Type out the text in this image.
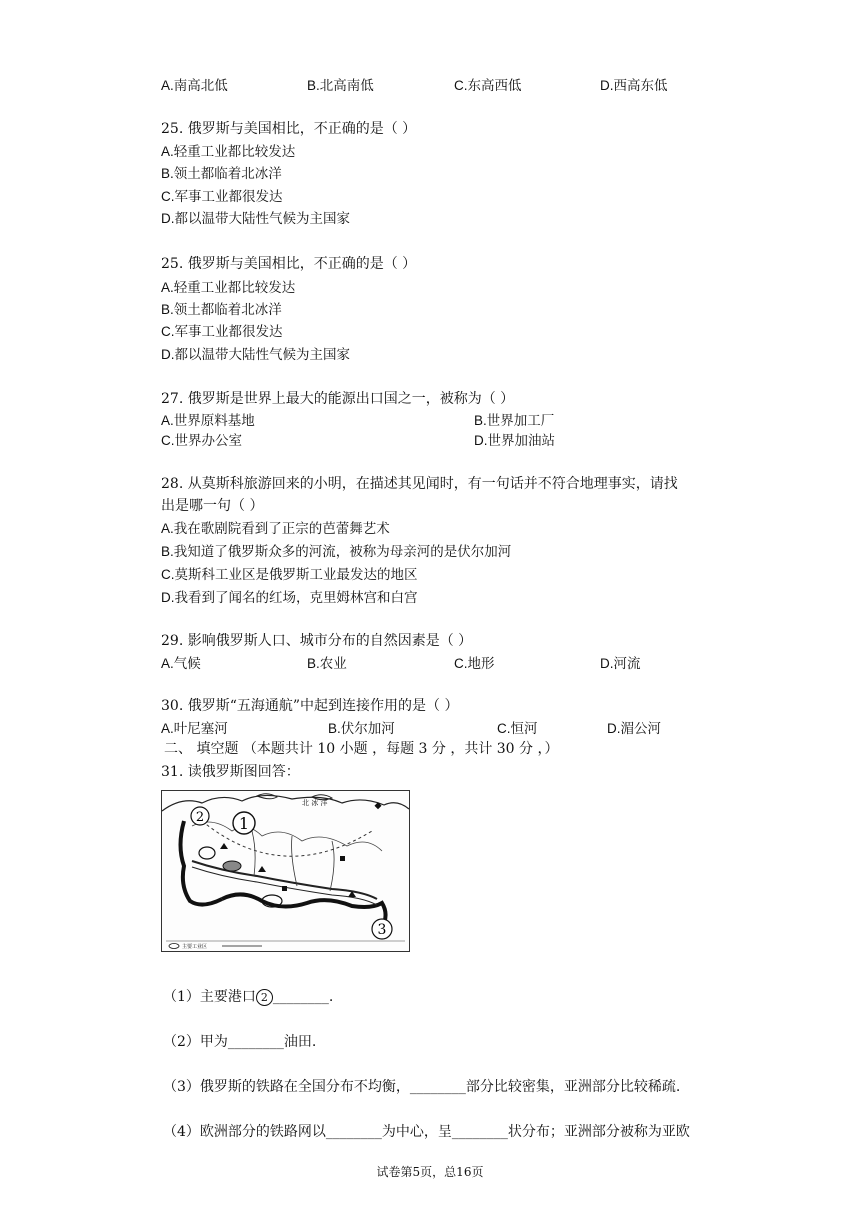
A.南高北低	B.北高南低	C.东高西低	D.西高东低
25. 俄罗斯与美国相比，不正确的是（ ）
A.轻重工业都比较发达
B.领土都临着北冰洋
C.军事工业都很发达
D.都以温带大陆性气候为主国家
25. 俄罗斯与美国相比，不正确的是（ ）
A.轻重工业都比较发达
B.领土都临着北冰洋
C.军事工业都很发达
D.都以温带大陆性气候为主国家
27. 俄罗斯是世界上最大的能源出口国之一，被称为（ ）
A.世界原料基地	B.世界加工厂
C.世界办公室	D.世界加油站
28. 从莫斯科旅游回来的小明，在描述其见闻时，有一句话并不符合地理事实，请找
出是哪一句（ ）
A.我在歌剧院看到了正宗的芭蕾舞艺术
B.我知道了俄罗斯众多的河流，被称为母亲河的是伏尔加河
C.莫斯科工业区是俄罗斯工业最发达的地区
D.我看到了闻名的红场，克里姆林宫和白宫
29. 影响俄罗斯人口、城市分布的自然因素是（ ）
A.气候	B.农业	C.地形	D.河流
30. 俄罗斯“五海通航”中起到连接作用的是（ ）
A.叶尼塞河	B.伏尔加河	C.恒河	D.湄公河
二、 填空题 （本题共计 10 小题 ，每题 3 分 ，共计 30 分 ，）
31. 读俄罗斯图回答：
2 1
3
北 冰 洋
主要工业区
（1）主要港口 2 ________.
（2）甲为________油田.
（3）俄罗斯的铁路在全国分布不均衡，________部分比较密集，亚洲部分比较稀疏.
（4）欧洲部分的铁路网以________为中心，呈________状分布；亚洲部分被称为亚欧
试卷第5页，总16页
